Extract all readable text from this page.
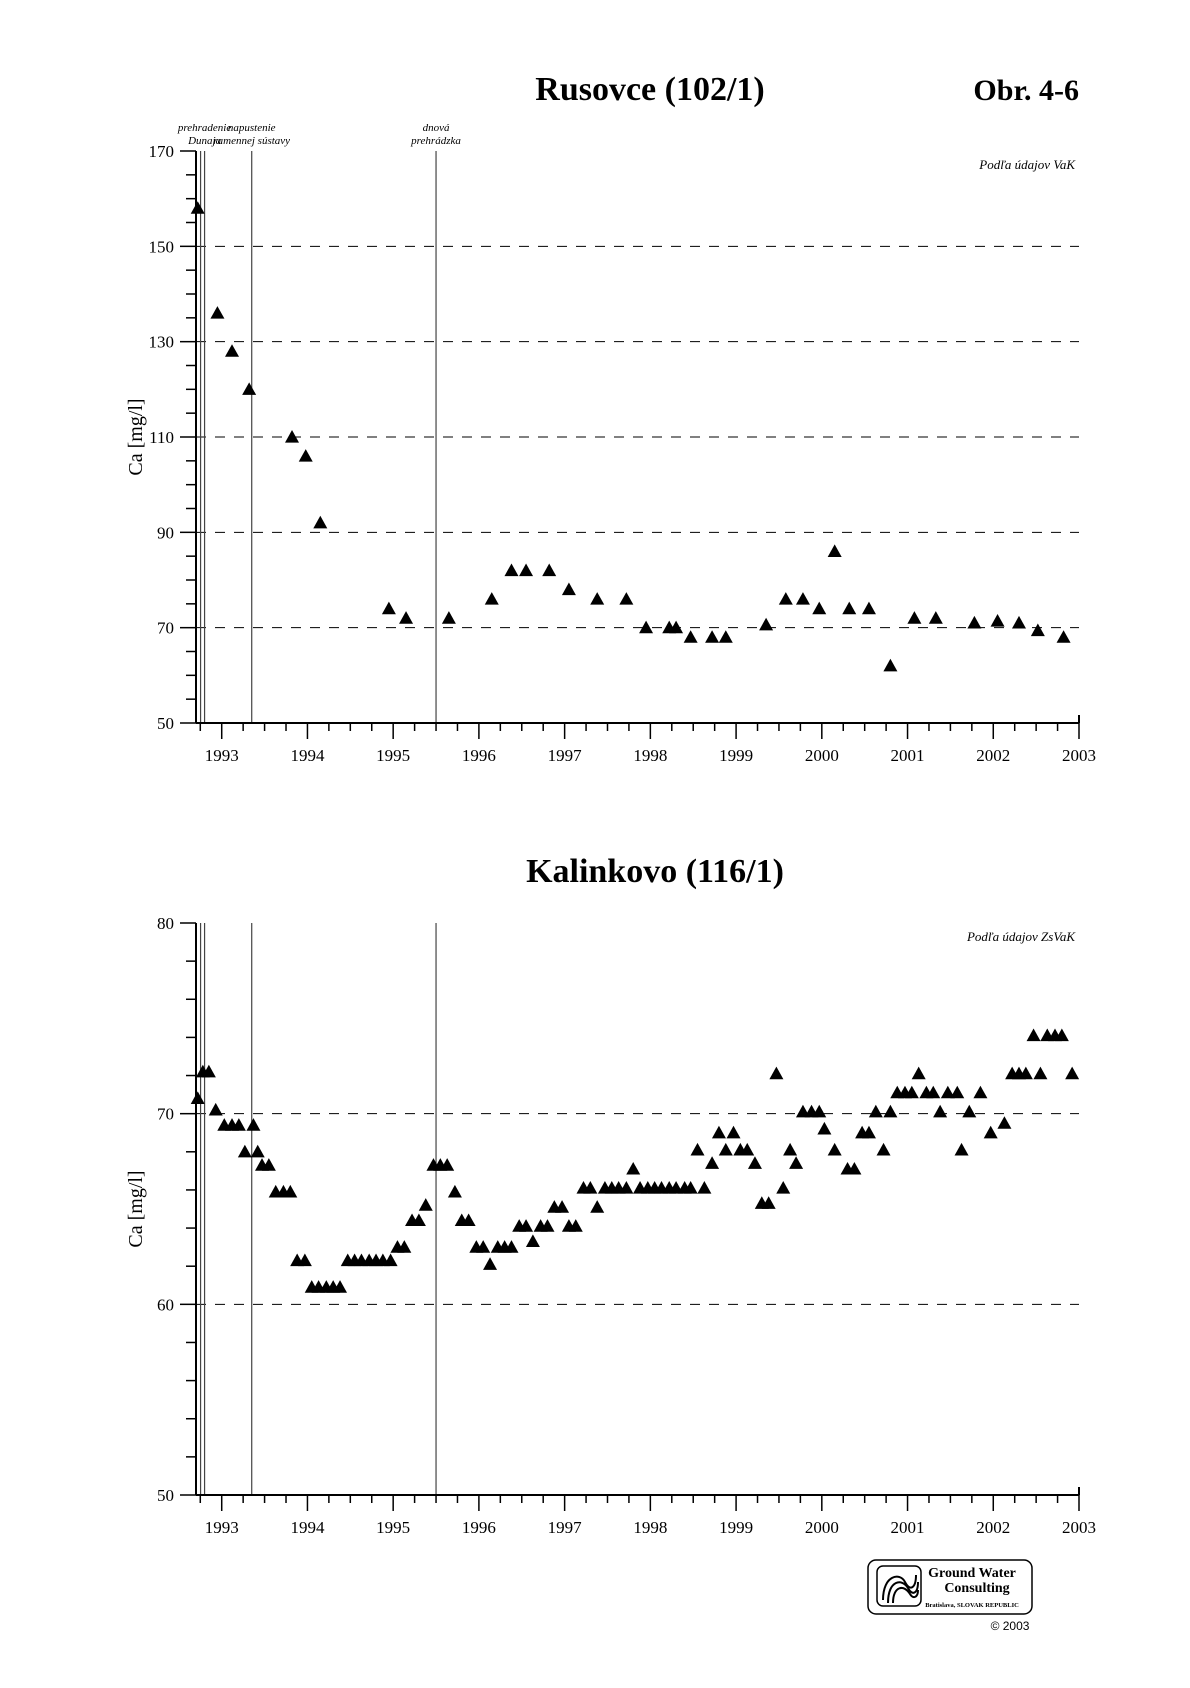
Obr. 4-6
Rusovce (102/1)
prehradenie
Dunaja
napustenie
ramennej sústavy
dnová
prehrádzka
50
70
90
110
130
150
170
1993	1994	1995	1996	1997	1998	1999	2000	2001	2002	2003
Ca [mg/l]
Podľa údajov VaK
Kalinkovo (116/1)
50
60
70
80
1993	1994	1995	1996	1997	1998	1999	2000	2001	2002	2003
Ca [mg/l]
Podľa údajov ZsVaK
Ground Water
Consulting
Bratislava, SLOVAK REPUBLIC
© 2003
